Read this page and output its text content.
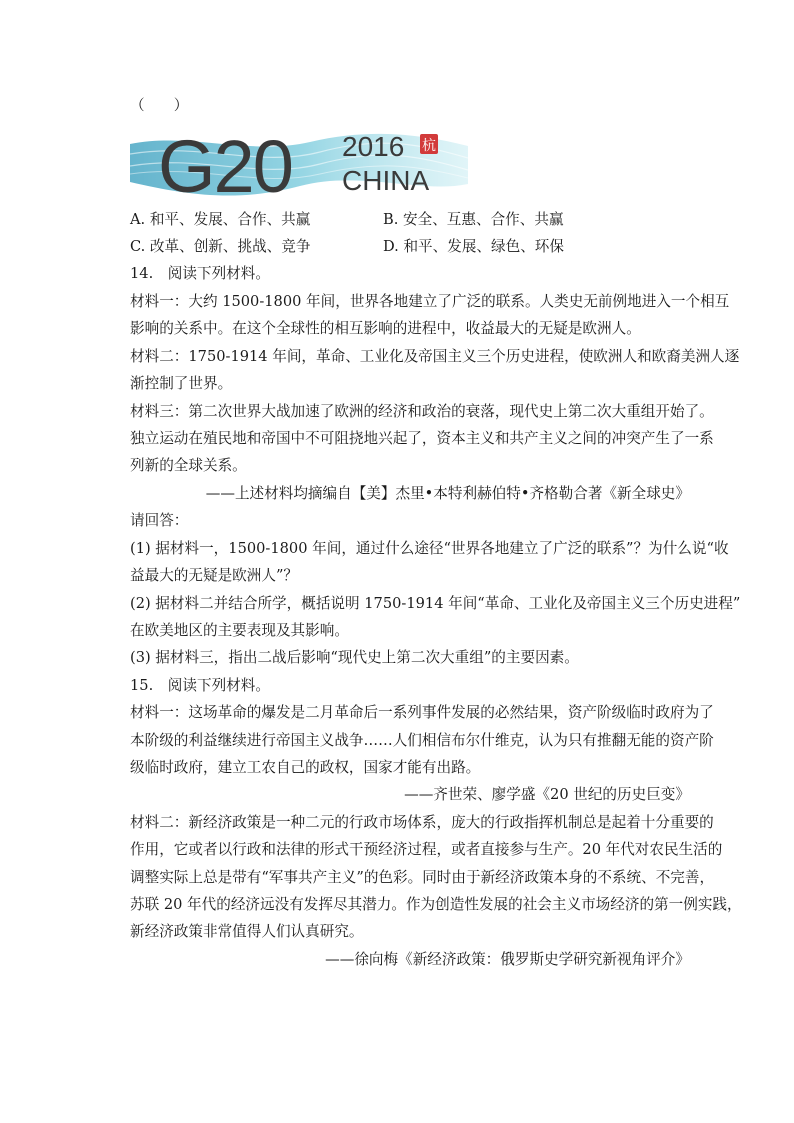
（　　）
G20 2016
CHINA
杭
A. 和平、发展、合作、共赢	B. 安全、互惠、合作、共赢
C. 改革、创新、挑战、竞争	D. 和平、发展、绿色、环保
14.　阅读下列材料。
材料一：大约 1500-1800 年间，世界各地建立了广泛的联系。人类史无前例地进入一个相互
影响的关系中。在这个全球性的相互影响的进程中，收益最大的无疑是欧洲人。
材料二：1750-1914 年间，革命、工业化及帝国主义三个历史进程，使欧洲人和欧裔美洲人逐
渐控制了世界。
材料三：第二次世界大战加速了欧洲的经济和政治的衰落，现代史上第二次大重组开始了。
独立运动在殖民地和帝国中不可阻挠地兴起了，资本主义和共产主义之间的冲突产生了一系
列新的全球关系。
——上述材料均摘编自【美】杰里•本特利赫伯特•齐格勒合著《新全球史》
请回答：
(1) 据材料一，1500-1800 年间，通过什么途径“世界各地建立了广泛的联系”？为什么说“收
益最大的无疑是欧洲人”？
(2) 据材料二并结合所学，概括说明 1750-1914 年间“革命、工业化及帝国主义三个历史进程”
在欧美地区的主要表现及其影响。
(3) 据材料三，指出二战后影响“现代史上第二次大重组”的主要因素。
15.　阅读下列材料。
材料一：这场革命的爆发是二月革命后一系列事件发展的必然结果，资产阶级临时政府为了
本阶级的利益继续进行帝国主义战争……人们相信布尔什维克，认为只有推翻无能的资产阶
级临时政府，建立工农自己的政权，国家才能有出路。
——齐世荣、廖学盛《20 世纪的历史巨变》
材料二：新经济政策是一种二元的行政市场体系，庞大的行政指挥机制总是起着十分重要的
作用，它或者以行政和法律的形式干预经济过程，或者直接参与生产。20 年代对农民生活的
调整实际上总是带有“军事共产主义”的色彩。同时由于新经济政策本身的不系统、不完善，
苏联 20 年代的经济远没有发挥尽其潜力。作为创造性发展的社会主义市场经济的第一例实践，
新经济政策非常值得人们认真研究。
——徐向梅《新经济政策：俄罗斯史学研究新视角评介》
